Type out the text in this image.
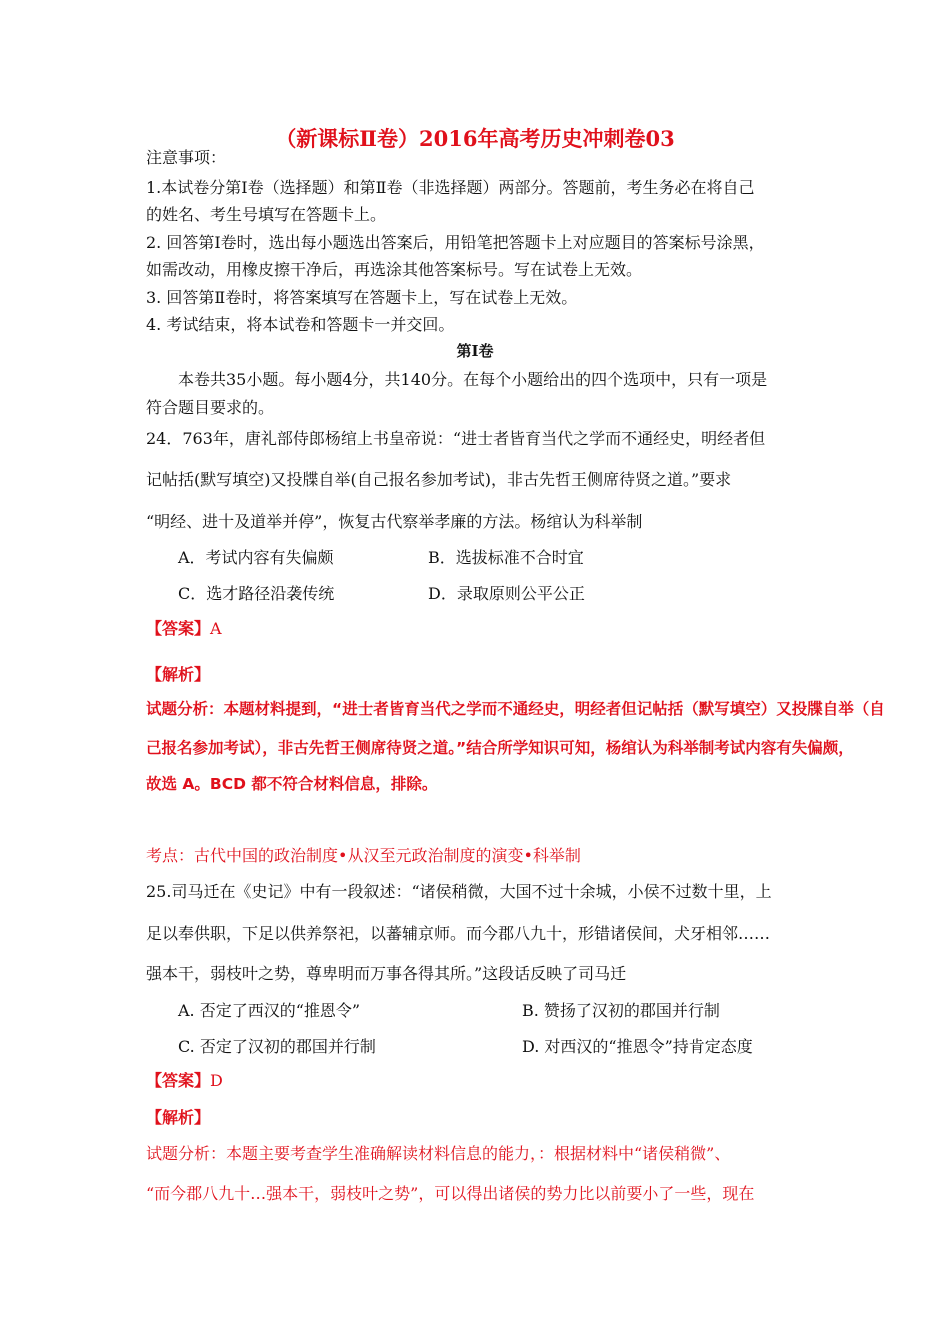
（新课标Ⅱ卷）2016年高考历史冲刺卷03
注意事项：
1.本试卷分第Ⅰ卷（选择题）和第Ⅱ卷（非选择题）两部分。答题前，考生务必在将自己
的姓名、考生号填写在答题卡上。
2. 回答第Ⅰ卷时，选出每小题选出答案后，用铅笔把答题卡上对应题目的答案标号涂黑，
如需改动，用橡皮擦干净后，再选涂其他答案标号。写在试卷上无效。
3. 回答第Ⅱ卷时，将答案填写在答题卡上，写在试卷上无效。
4. 考试结束，将本试卷和答题卡一并交回。
第Ⅰ卷
本卷共35小题。每小题4分，共140分。在每个小题给出的四个选项中，只有一项是
符合题目要求的。
24．763年，唐礼部侍郎杨绾上书皇帝说：“进士者皆育当代之学而不通经史，明经者但
记帖括(默写填空)又投牒自举(自己报名参加考试)，非古先哲王侧席待贤之道。”要求
“明经、进十及道举并停”，恢复古代察举孝廉的方法。杨绾认为科举制
A．考试内容有失偏颇	B．选拔标准不合时宜
C．选才路径沿袭传统	D．录取原则公平公正
【答案】A
【解析】
试题分析：本题材料提到，“进士者皆育当代之学而不通经史，明经者但记帖括（默写填空）又投牒自举（自
己报名参加考试），非古先哲王侧席待贤之道。”结合所学知识可知，杨绾认为科举制考试内容有失偏颇，
故选 A。BCD 都不符合材料信息，排除。
考点：古代中国的政治制度•从汉至元政治制度的演变•科举制
25.司马迁在《史记》中有一段叙述：“诸侯稍微，大国不过十余城，小侯不过数十里，上
足以奉供职，下足以供养祭祀，以蕃辅京师。而今郡八九十，形错诸侯间，犬牙相邻……
强本干，弱枝叶之势，尊卑明而万事各得其所。”这段话反映了司马迁
A. 否定了西汉的“推恩令”	B. 赞扬了汉初的郡国并行制
C. 否定了汉初的郡国并行制	D. 对西汉的“推恩令”持肯定态度
【答案】D
【解析】
试题分析：本题主要考查学生准确解读材料信息的能力，：根据材料中“诸侯稍微”、
“而今郡八九十…强本干，弱枝叶之势”，可以得出诸侯的势力比以前要小了一些，现在
